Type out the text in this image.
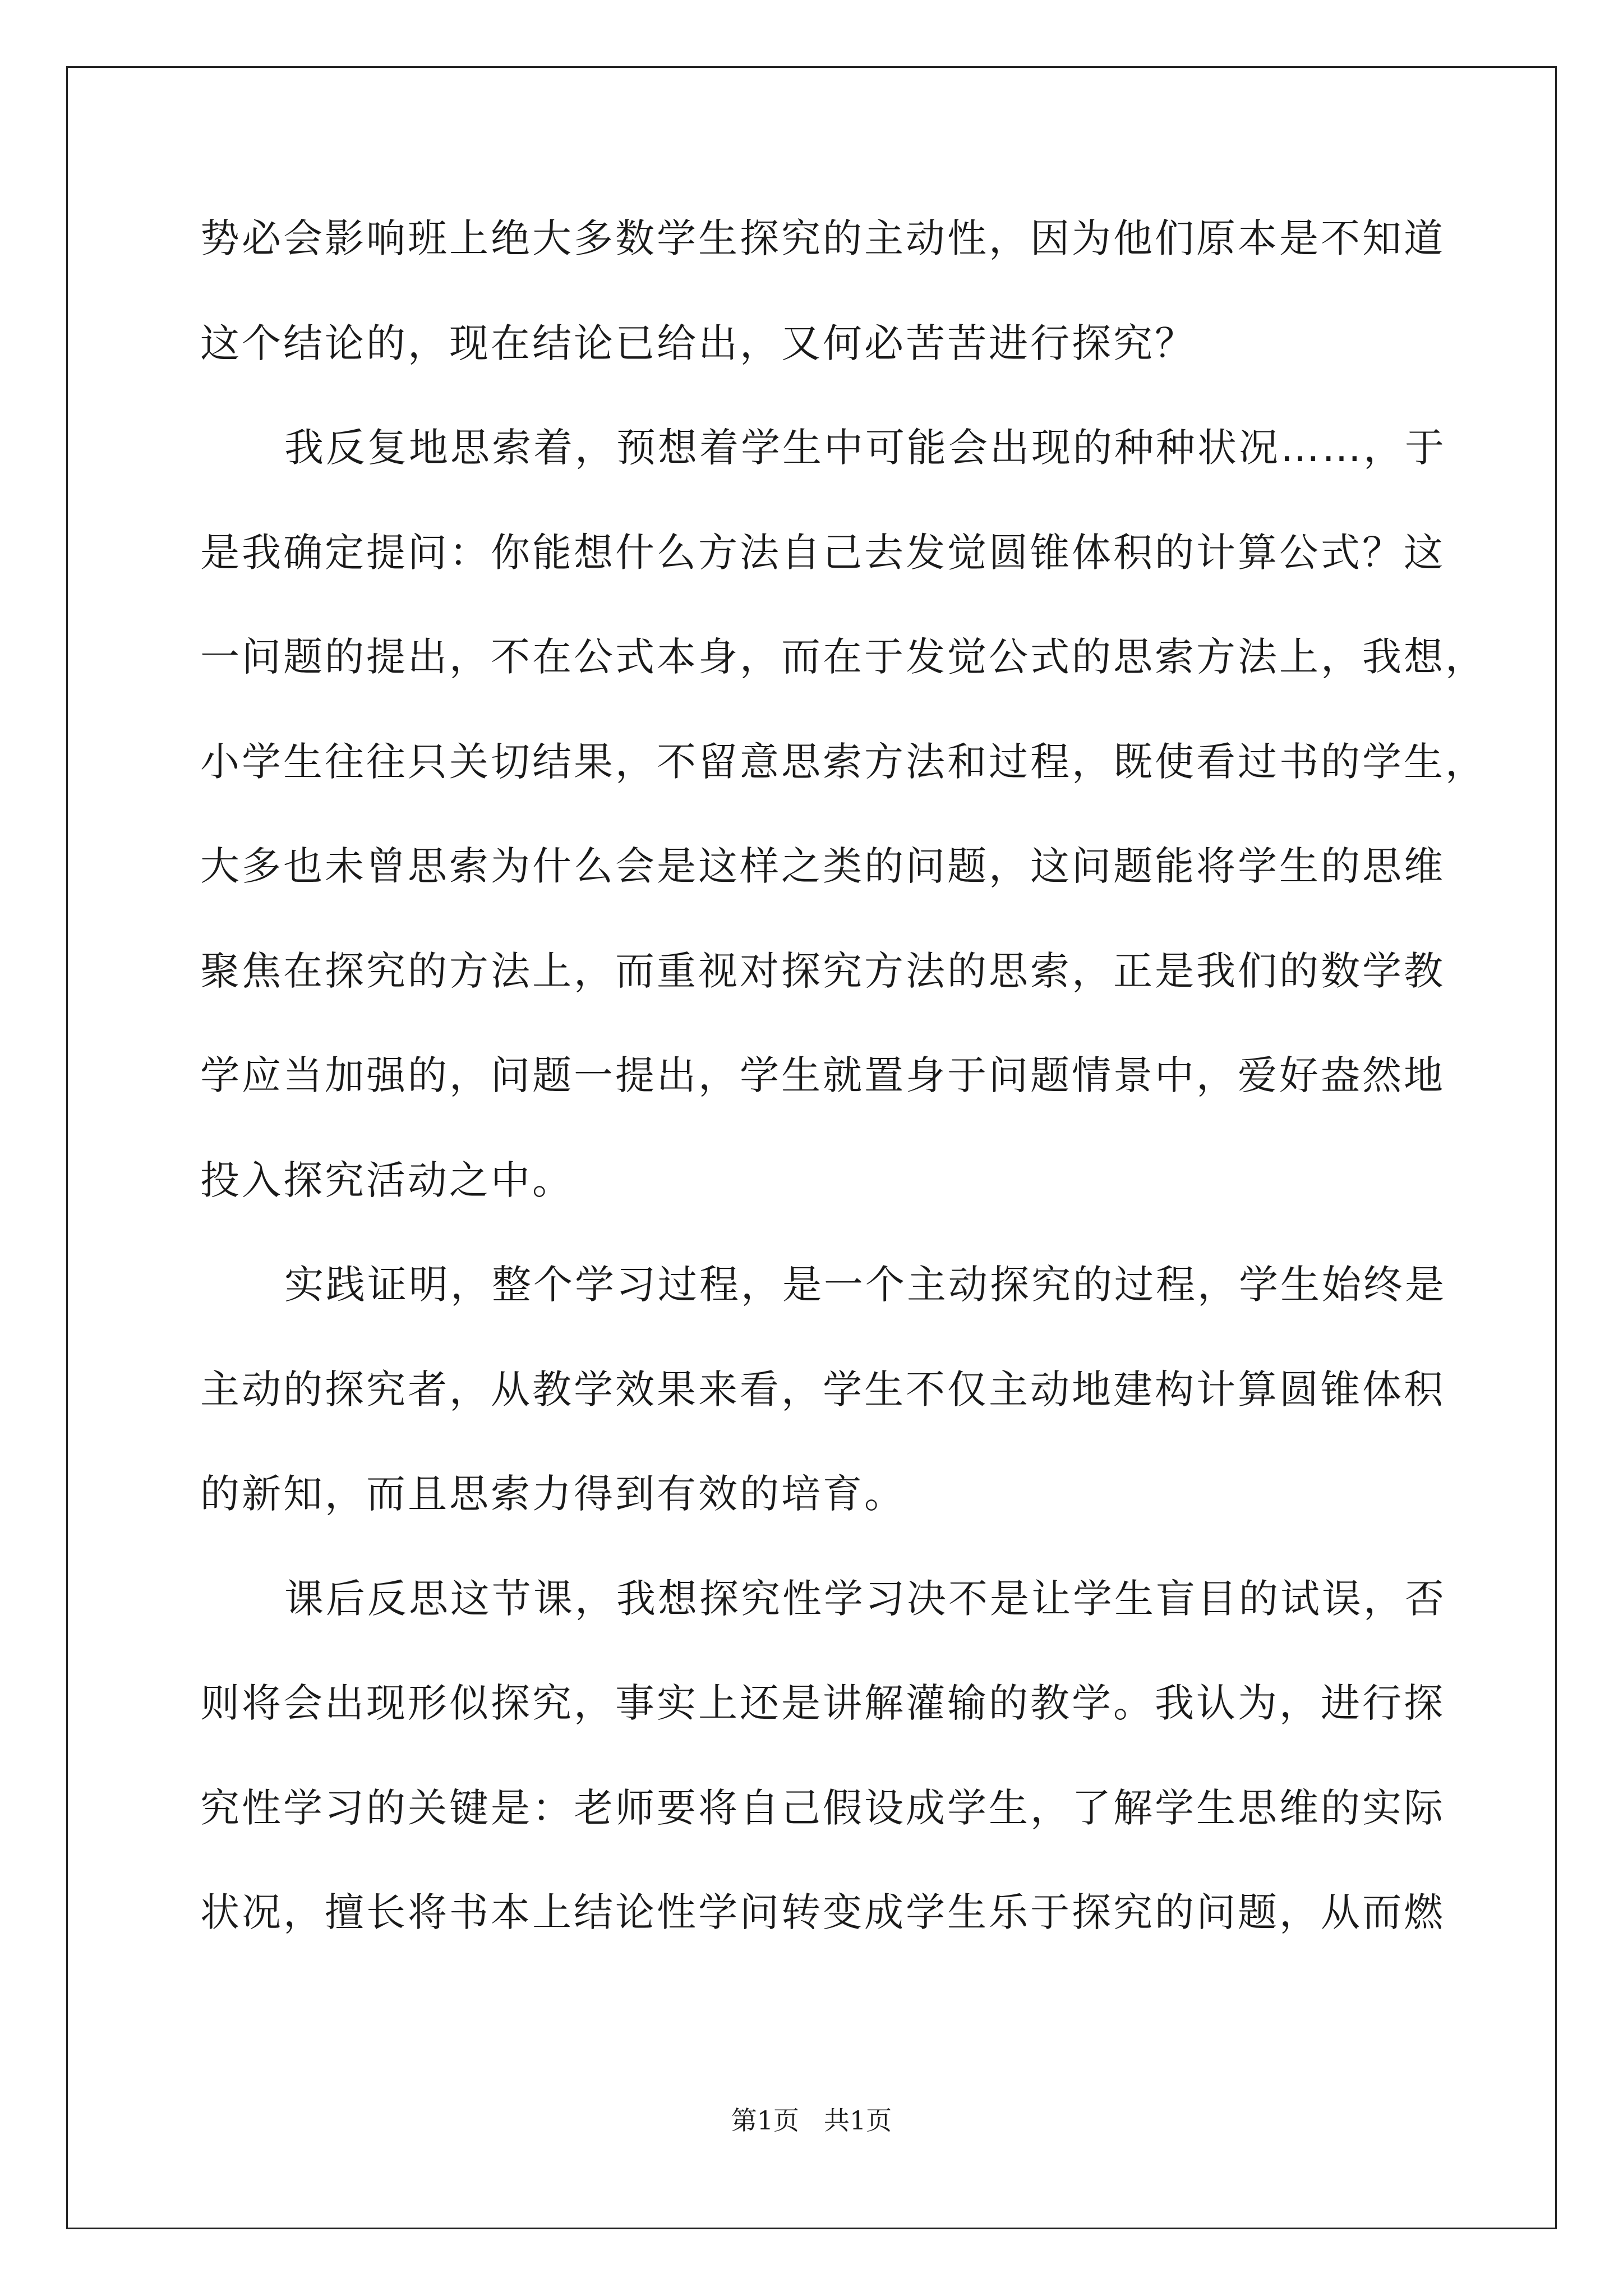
势必会影响班上绝大多数学生探究的主动性，因为他们原本是不知道
这个结论的，现在结论已给出，又何必苦苦进行探究？
我反复地思索着，预想着学生中可能会出现的种种状况……，于
是我确定提问：你能想什么方法自己去发觉圆锥体积的计算公式？这
一问题的提出，不在公式本身，而在于发觉公式的思索方法上，我想，
小学生往往只关切结果，不留意思索方法和过程，既使看过书的学生，
大多也未曾思索为什么会是这样之类的问题，这问题能将学生的思维
聚焦在探究的方法上，而重视对探究方法的思索，正是我们的数学教
学应当加强的，问题一提出，学生就置身于问题情景中，爱好盎然地
投入探究活动之中。
实践证明，整个学习过程，是一个主动探究的过程，学生始终是
主动的探究者，从教学效果来看，学生不仅主动地建构计算圆锥体积
的新知，而且思索力得到有效的培育。
课后反思这节课，我想探究性学习决不是让学生盲目的试误，否
则将会出现形似探究，事实上还是讲解灌输的教学。我认为，进行探
究性学习的关键是：老师要将自己假设成学生，了解学生思维的实际
状况，擅长将书本上结论性学问转变成学生乐于探究的问题，从而燃
第1页 共1页
